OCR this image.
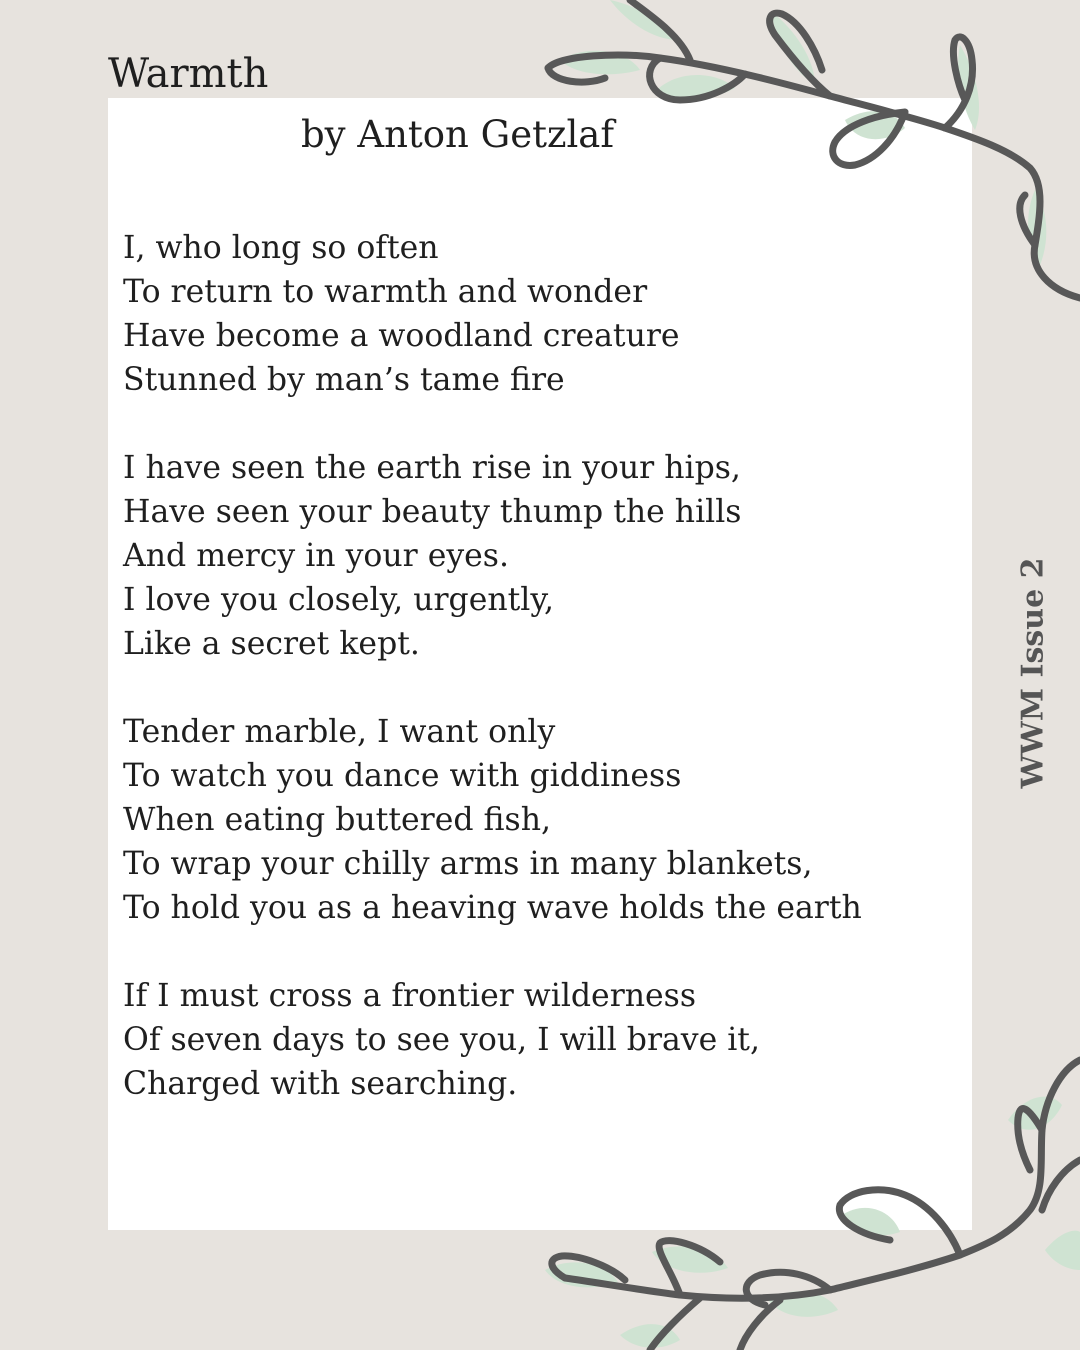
Warmth
by Anton Getzlaf

I, who long so often
To return to warmth and wonder
Have become a woodland creature
Stunned by man’s tame fire

I have seen the earth rise in your hips,
Have seen your beauty thump the hills
And mercy in your eyes.
I love you closely, urgently,
Like a secret kept.

Tender marble, I want only
To watch you dance with giddiness
When eating buttered fish,
To wrap your chilly arms in many blankets,
To hold you as a heaving wave holds the earth

If I must cross a frontier wilderness
Of seven days to see you, I will brave it,
Charged with searching.

WWM Issue 2
